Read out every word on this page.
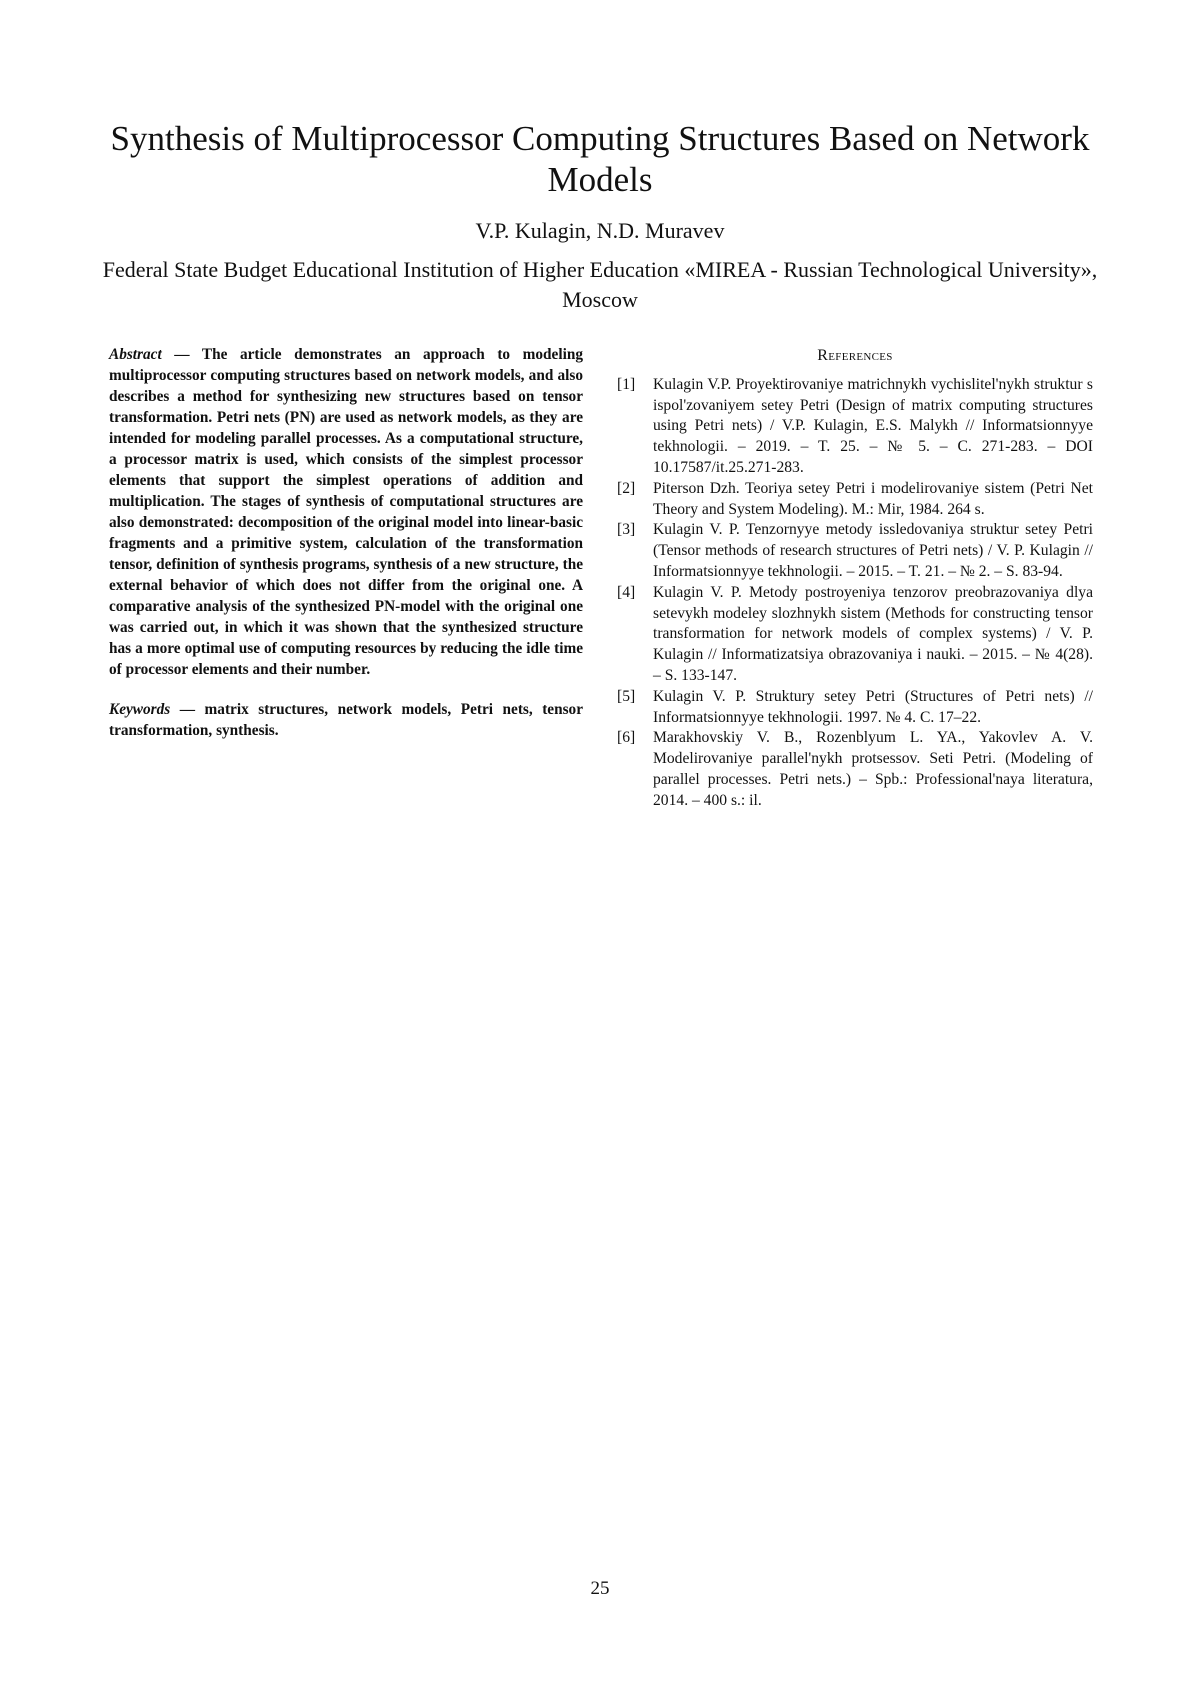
Synthesis of Multiprocessor Computing Structures Based on Network Models
V.P. Kulagin, N.D. Muravev
Federal State Budget Educational Institution of Higher Education «MIREA - Russian Technological University», Moscow

Abstract — The article demonstrates an approach to modeling multiprocessor computing structures based on network models, and also describes a method for synthesizing new structures based on tensor transformation. Petri nets (PN) are used as network models, as they are intended for modeling parallel processes. As a computational structure, a processor matrix is used, which consists of the simplest processor elements that support the simplest operations of addition and multiplication. The stages of synthesis of computational structures are also demonstrated: decomposition of the original model into linear-basic fragments and a primitive system, calculation of the transformation tensor, definition of synthesis programs, synthesis of a new structure, the external behavior of which does not differ from the original one. A comparative analysis of the synthesized PN-model with the original one was carried out, in which it was shown that the synthesized structure has a more optimal use of computing resources by reducing the idle time of processor elements and their number.

Keywords — matrix structures, network models, Petri nets, tensor transformation, synthesis.

References
[1]	Kulagin V.P. Proyektirovaniye matrichnykh vychislitel'nykh struktur s ispol'zovaniyem setey Petri (Design of matrix computing structures using Petri nets) / V.P. Kulagin, E.S. Malykh // Informatsionnyye tekhnologii. – 2019. – T. 25. – № 5. – C. 271-283. – DOI 10.17587/it.25.271-283.
[2]	Piterson Dzh. Teoriya setey Petri i modelirovaniye sistem (Petri Net Theory and System Modeling). M.: Mir, 1984. 264 s.
[3]	Kulagin V. P. Tenzornyye metody issledovaniya struktur setey Petri (Tensor methods of research structures of Petri nets) / V. P. Kulagin // Informatsionnyye tekhnologii. – 2015. – T. 21. – № 2. – S. 83-94.
[4]	Kulagin V. P. Metody postroyeniya tenzorov preobrazovaniya dlya setevykh modeley slozhnykh sistem (Methods for constructing tensor transformation for network models of complex systems) / V. P. Kulagin // Informatizatsiya obrazovaniya i nauki. – 2015. – № 4(28). – S. 133-147.
[5]	Kulagin V. P. Struktury setey Petri (Structures of Petri nets) // Informatsionnyye tekhnologii. 1997. № 4. C. 17–22.
[6]	Marakhovskiy V. B., Rozenblyum L. YA., Yakovlev A. V. Modelirovaniye parallel'nykh protsessov. Seti Petri. (Modeling of parallel processes. Petri nets.) – Spb.: Professional'naya literatura, 2014. – 400 s.: il.
25
